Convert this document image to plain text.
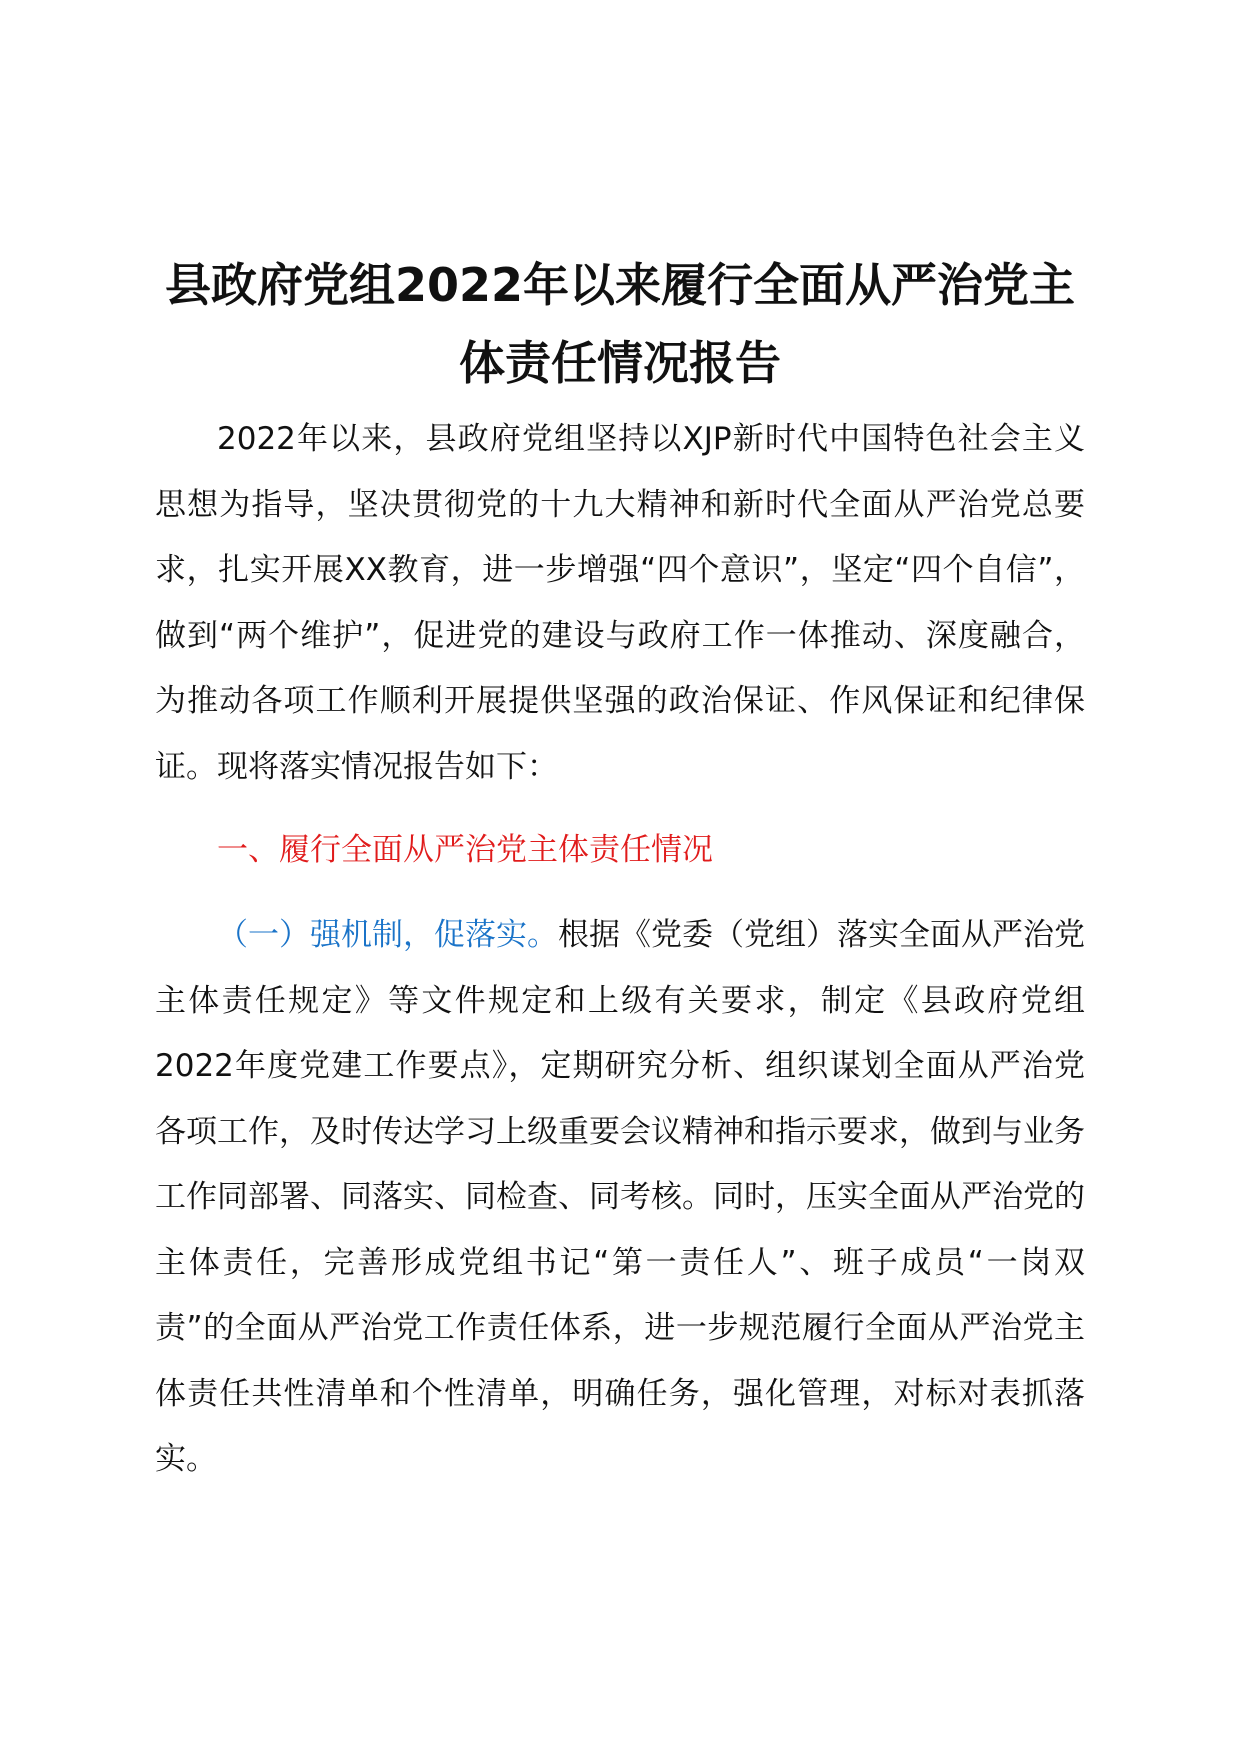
县政府党组2022年以来履行全面从严治党主体责任情况报告

2022年以来，县政府党组坚持以XJP新时代中国特色社会主义思想为指导，坚决贯彻党的十九大精神和新时代全面从严治党总要求，扎实开展XX教育，进一步增强“四个意识”，坚定“四个自信”，做到“两个维护”，促进党的建设与政府工作一体推动、深度融合，为推动各项工作顺利开展提供坚强的政治保证、作风保证和纪律保证。现将落实情况报告如下：

一、履行全面从严治党主体责任情况

（一）强机制，促落实。根据《党委（党组）落实全面从严治党主体责任规定》等文件规定和上级有关要求，制定《县政府党组2022年度党建工作要点》，定期研究分析、组织谋划全面从严治党各项工作，及时传达学习上级重要会议精神和指示要求，做到与业务工作同部署、同落实、同检查、同考核。同时，压实全面从严治党的主体责任，完善形成党组书记“第一责任人”、班子成员“一岗双责”的全面从严治党工作责任体系，进一步规范履行全面从严治党主体责任共性清单和个性清单，明确任务，强化管理，对标对表抓落实。
